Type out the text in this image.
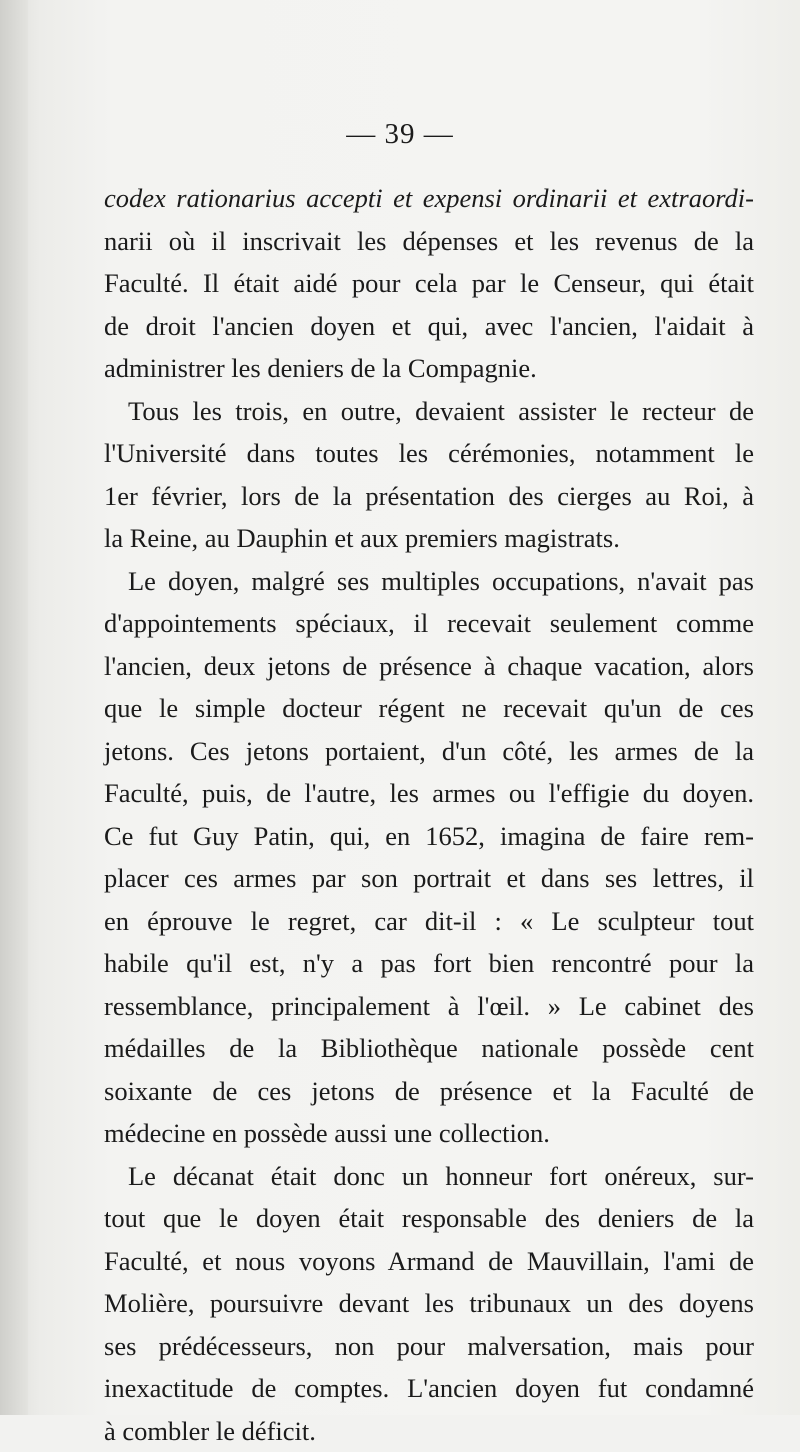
— 39 —
codex rationarius accepti et expensi ordinarii et extraordi-
narii où il inscrivait les dépenses et les revenus de la
Faculté. Il était aidé pour cela par le Censeur, qui était
de droit l'ancien doyen et qui, avec l'ancien, l'aidait à
administrer les deniers de la Compagnie.
Tous les trois, en outre, devaient assister le recteur de
l'Université dans toutes les cérémonies, notamment le
1er février, lors de la présentation des cierges au Roi, à
la Reine, au Dauphin et aux premiers magistrats.
Le doyen, malgré ses multiples occupations, n'avait pas
d'appointements spéciaux, il recevait seulement comme
l'ancien, deux jetons de présence à chaque vacation, alors
que le simple docteur régent ne recevait qu'un de ces
jetons. Ces jetons portaient, d'un côté, les armes de la
Faculté, puis, de l'autre, les armes ou l'effigie du doyen.
Ce fut Guy Patin, qui, en 1652, imagina de faire rem-
placer ces armes par son portrait et dans ses lettres, il
en éprouve le regret, car dit-il : « Le sculpteur tout
habile qu'il est, n'y a pas fort bien rencontré pour la
ressemblance, principalement à l'œil. » Le cabinet des
médailles de la Bibliothèque nationale possède cent
soixante de ces jetons de présence et la Faculté de
médecine en possède aussi une collection.
Le décanat était donc un honneur fort onéreux, sur-
tout que le doyen était responsable des deniers de la
Faculté, et nous voyons Armand de Mauvillain, l'ami de
Molière, poursuivre devant les tribunaux un des doyens
ses prédécesseurs, non pour malversation, mais pour
inexactitude de comptes. L'ancien doyen fut condamné
à combler le déficit.
